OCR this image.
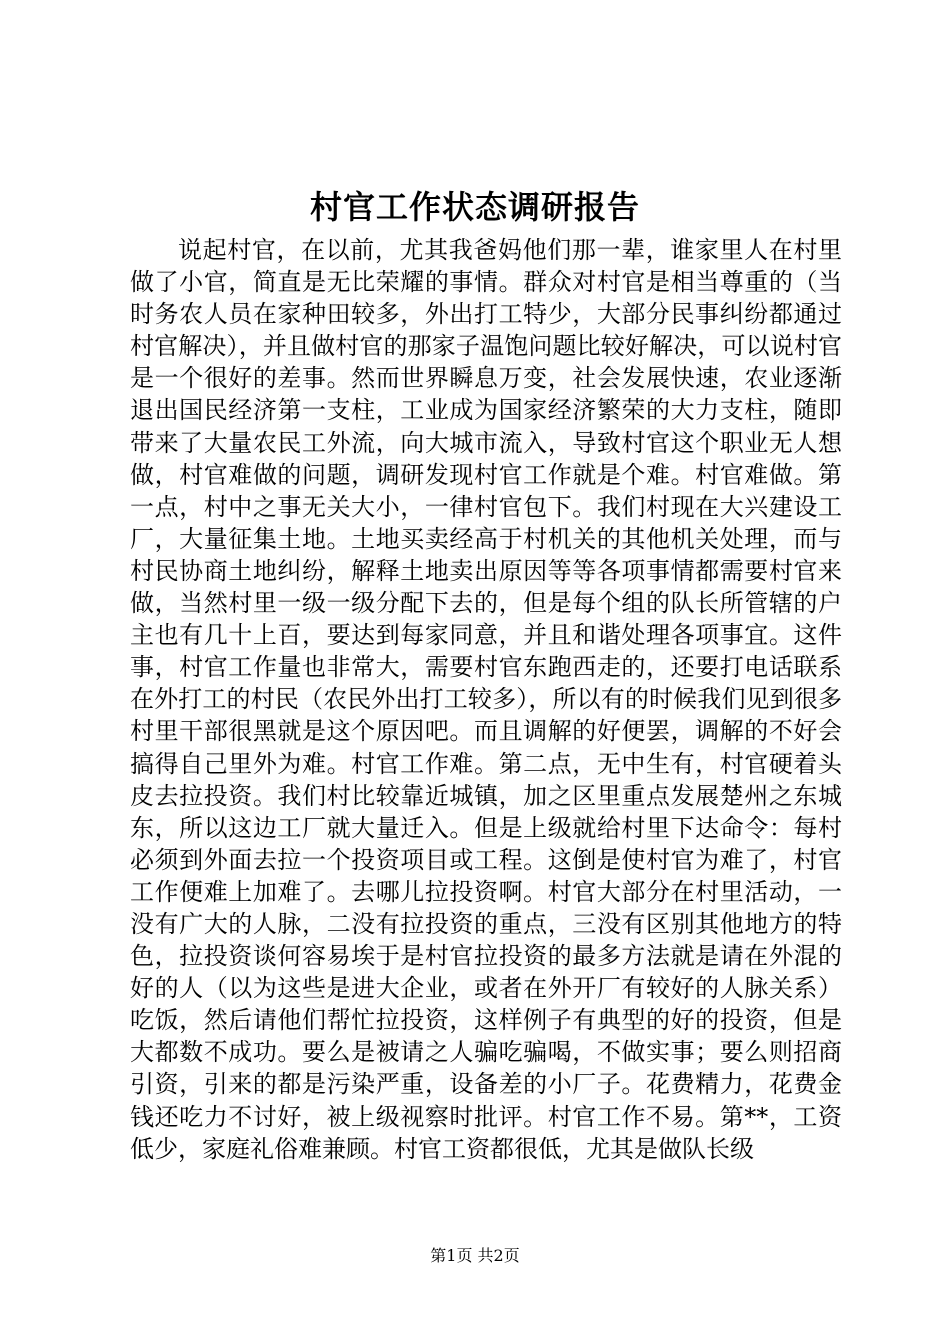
村官工作状态调研报告

说起村官，在以前，尤其我爸妈他们那一辈，谁家里人在村里做了小官，简直是无比荣耀的事情。群众对村官是相当尊重的（当时务农人员在家种田较多，外出打工特少，大部分民事纠纷都通过村官解决），并且做村官的那家子温饱问题比较好解决，可以说村官是一个很好的差事。然而世界瞬息万变，社会发展快速，农业逐渐退出国民经济第一支柱，工业成为国家经济繁荣的大力支柱，随即带来了大量农民工外流，向大城市流入，导致村官这个职业无人想做，村官难做的问题，调研发现村官工作就是个难。村官难做。第一点，村中之事无关大小，一律村官包下。我们村现在大兴建设工厂，大量征集土地。土地买卖经高于村机关的其他机关处理，而与村民协商土地纠纷，解释土地卖出原因等等各项事情都需要村官来做，当然村里一级一级分配下去的，但是每个组的队长所管辖的户主也有几十上百，要达到每家同意，并且和谐处理各项事宜。这件事，村官工作量也非常大，需要村官东跑西走的，还要打电话联系在外打工的村民（农民外出打工较多），所以有的时候我们见到很多村里干部很黑就是这个原因吧。而且调解的好便罢，调解的不好会搞得自己里外为难。村官工作难。第二点，无中生有，村官硬着头皮去拉投资。我们村比较靠近城镇，加之区里重点发展楚州之东城东，所以这边工厂就大量迁入。但是上级就给村里下达命令：每村必须到外面去拉一个投资项目或工程。这倒是使村官为难了，村官工作便难上加难了。去哪儿拉投资啊。村官大部分在村里活动，一没有广大的人脉，二没有拉投资的重点，三没有区别其他地方的特色，拉投资谈何容易埃于是村官拉投资的最多方法就是请在外混的好的人（以为这些是进大企业，或者在外开厂有较好的人脉关系）吃饭，然后请他们帮忙拉投资，这样例子有典型的好的投资，但是大都数不成功。要么是被请之人骗吃骗喝，不做实事；要么则招商引资，引来的都是污染严重，设备差的小厂子。花费精力，花费金钱还吃力不讨好，被上级视察时批评。村官工作不易。第**，工资低少，家庭礼俗难兼顾。村官工资都很低，尤其是做队长级

第1页 共2页
